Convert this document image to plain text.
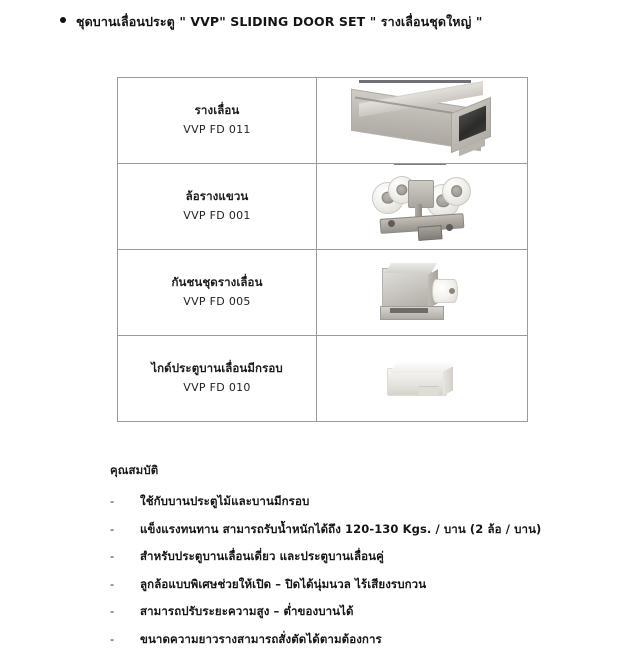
ชุดบานเลื่อนประตู " VVP" SLIDING DOOR SET " รางเลื่อนชุดใหญ่ "
รางเลื่อน
VVP FD 011	

ล้อรางแขวน
VVP FD 001	

กันชนชุดรางเลื่อน
VVP FD 005	

ไกด์ประตูบานเลื่อนมีกรอบ
VVP FD 010	

คุณสมบัติ
-	ใช้กับบานประตูไม้และบานมีกรอบ
-	แข็งแรงทนทาน สามารถรับน้ำหนักได้ถึง 120-130 Kgs. / บาน (2 ล้อ / บาน)
-	สำหรับประตูบานเลื่อนเดี่ยว และประตูบานเลื่อนคู่
-	ลูกล้อแบบพิเศษช่วยให้เปิด – ปิดได้นุ่มนวล ไร้เสียงรบกวน
-	สามารถปรับระยะความสูง – ต่ำของบานได้
-	ขนาดความยาวรางสามารถสั่งตัดได้ตามต้องการ
